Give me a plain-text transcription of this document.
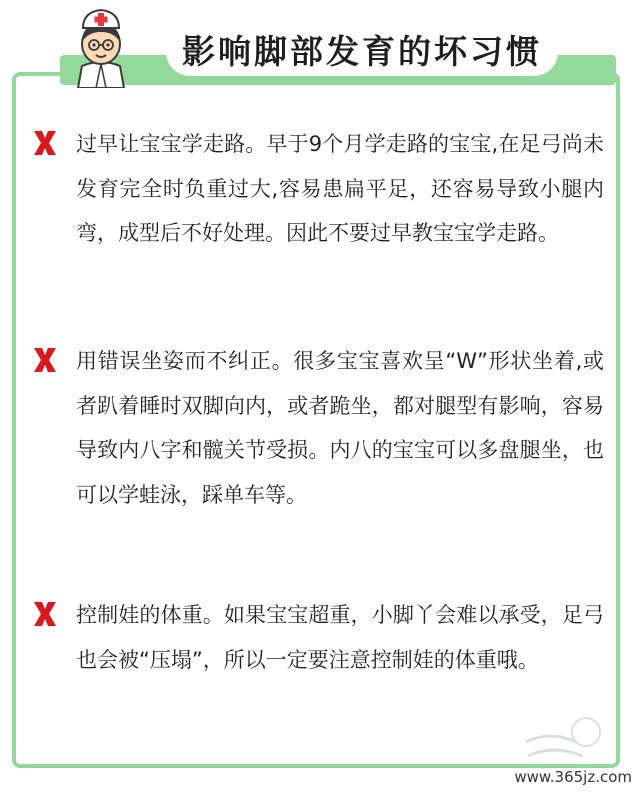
影响脚部发育的坏习惯
过早让宝宝学走路。早于9个月学走路的宝宝,在足弓尚未发育完全时负重过大,容易患扁平足，还容易导致小腿内弯，成型后不好处理。因此不要过早教宝宝学走路。
用错误坐姿而不纠正。很多宝宝喜欢呈“W”形状坐着,或者趴着睡时双脚向内，或者跪坐，都对腿型有影响，容易导致内八字和髋关节受损。内八的宝宝可以多盘腿坐，也可以学蛙泳，踩单车等。
控制娃的体重。如果宝宝超重，小脚丫会难以承受，足弓也会被“压塌”，所以一定要注意控制娃的体重哦。
www.365jz.com
